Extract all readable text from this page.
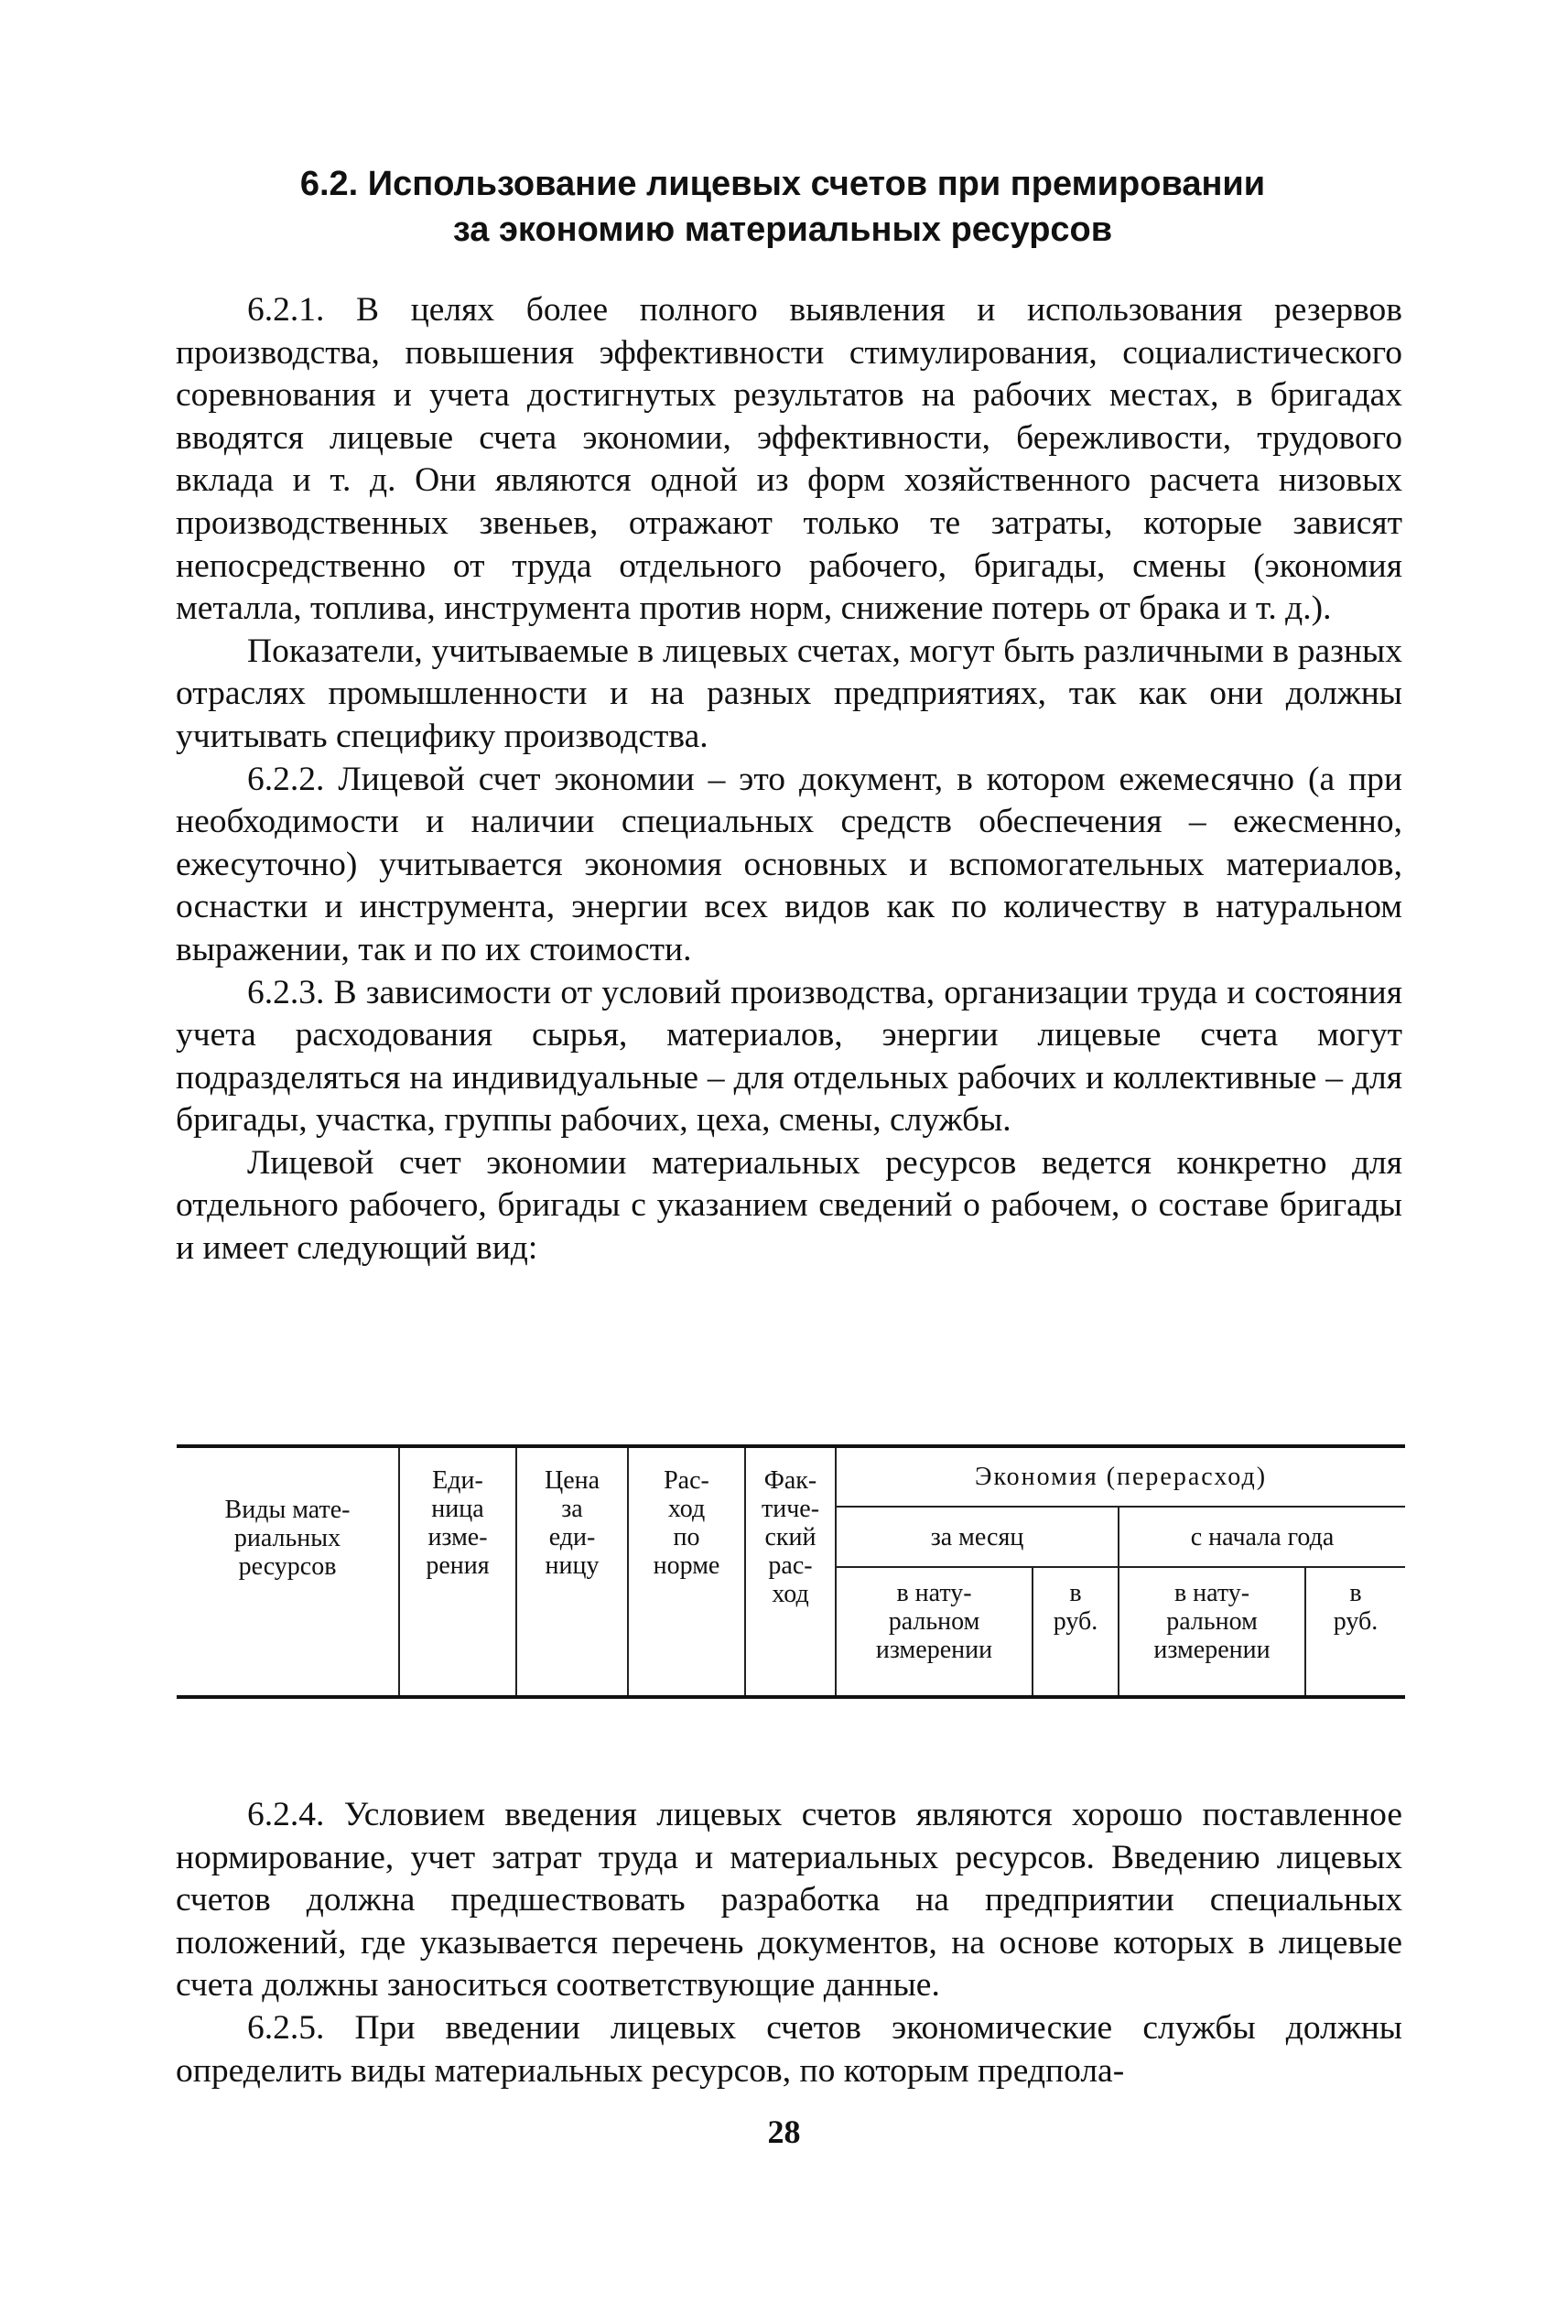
6.2. Использование лицевых счетов при премировании
за экономию материальных ресурсов

6.2.1. В целях более полного выявления и использования резервов производства, повышения эффективности стимулирования, социалистического соревнования и учета достигнутых результатов на рабочих местах, в бригадах вводятся лицевые счета экономии, эффективности, бережливости, трудового вклада и т. д. Они являются одной из форм хозяйственного расчета низовых производственных звеньев, отражают только те затраты, которые зависят непосредственно от труда отдельного рабочего, бригады, смены (экономия металла, топлива, инструмента против норм, снижение потерь от брака и т. д.).

Показатели, учитываемые в лицевых счетах, могут быть различными в разных отраслях промышленности и на разных предприятиях, так как они должны учитывать специфику производства.

6.2.2. Лицевой счет экономии – это документ, в котором ежемесячно (а при необходимости и наличии специальных средств обеспечения – ежесменно, ежесуточно) учитывается экономия основных и вспомогательных материалов, оснастки и инструмента, энергии всех видов как по количеству в натуральном выражении, так и по их стоимости.

6.2.3. В зависимости от условий производства, организации труда и состояния учета расходования сырья, материалов, энергии лицевые счета могут подразделяться на индивидуальные – для отдельных рабочих и коллективные – для бригады, участка, группы рабочих, цеха, смены, службы.

Лицевой счет экономии материальных ресурсов ведется конкретно для отдельного рабочего, бригады с указанием сведений о рабочем, о составе бригады и имеет следующий вид:

Виды мате-
риальных
ресурсов	Еди-
ница
изме-
рения	Цена
за
еди-
ницу	Рас-
ход
по
норме	Фак-
тиче-
ский
рас-
ход	Экономия (перерасход)			
					за месяц		с начала года	

					в нату-
ральном
измерении	в
руб.	в нату-
ральном
измерении	в
руб.

6.2.4. Условием введения лицевых счетов являются хорошо поставленное нормирование, учет затрат труда и материальных ресурсов. Введению лицевых счетов должна предшествовать разработка на предприятии специальных положений, где указывается перечень документов, на основе которых в лицевые счета должны заноситься соответствующие данные.

6.2.5. При введении лицевых счетов экономические службы должны определить виды материальных ресурсов, по которым предпола-

28
